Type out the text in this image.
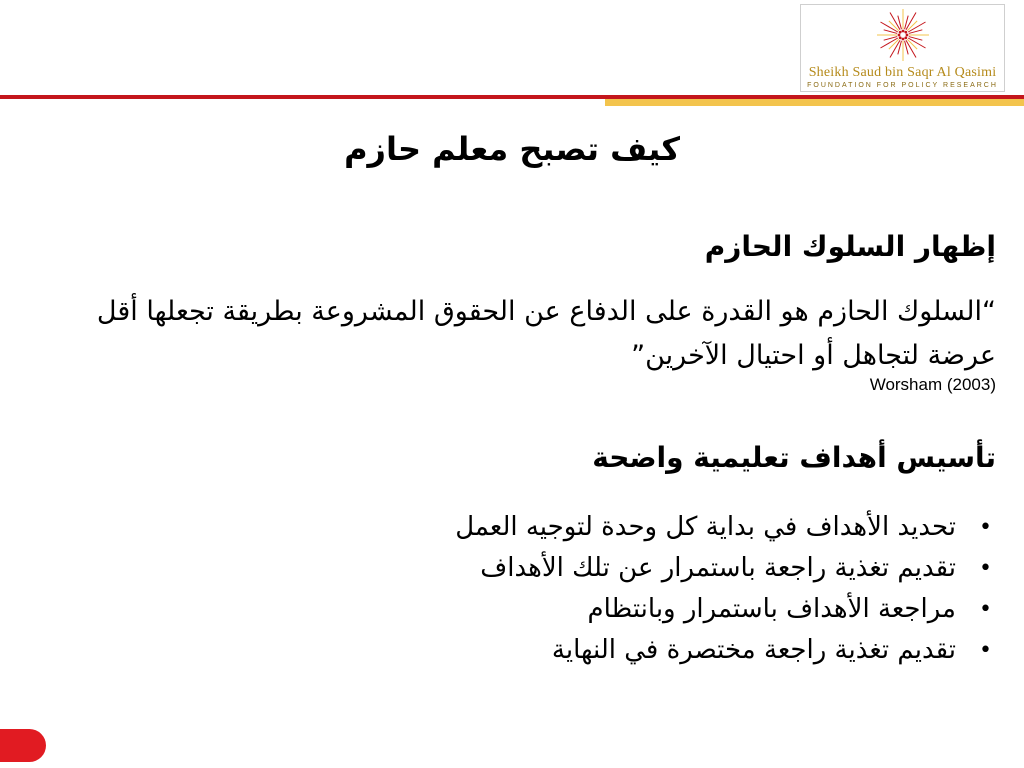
Sheikh Saud bin Saqr Al Qasimi
FOUNDATION FOR POLICY RESEARCH
كيف تصبح معلم حازم

إظهار السلوك الحازم

“السلوك الحازم هو القدرة على الدفاع عن الحقوق المشروعة بطريقة تجعلها أقل عرضة لتجاهل أو احتيال الآخرين”

Worsham (2003)

تأسيس أهداف تعليمية واضحة

•
تحديد الأهداف في بداية كل وحدة لتوجيه العمل
•
تقديم تغذية راجعة باستمرار عن تلك الأهداف
•
مراجعة الأهداف باستمرار وبانتظام
•
تقديم تغذية راجعة مختصرة في النهاية
